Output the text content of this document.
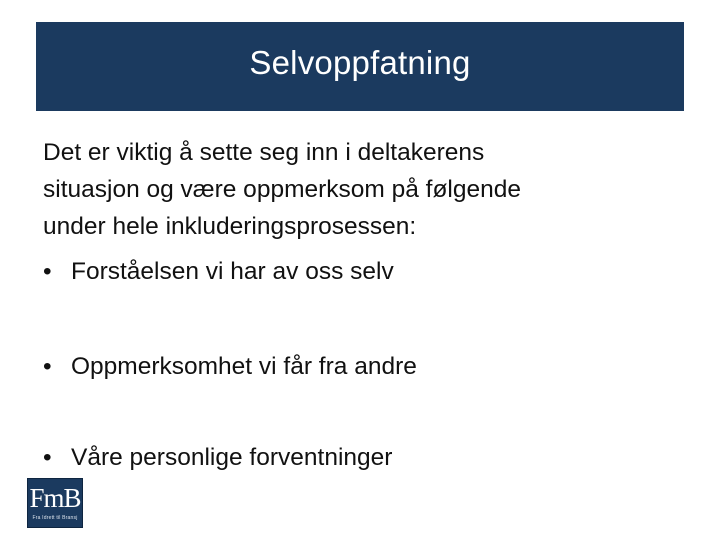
Selvoppfatning
Det er viktig å sette seg inn i deltakerens
situasjon og være oppmerksom på følgende
under hele inkluderingsprosessen:
• Forståelsen vi har av oss selv
• Oppmerksomhet vi får fra andre
• Våre personlige forventninger
FmB
Fra Idrett til Bransj
